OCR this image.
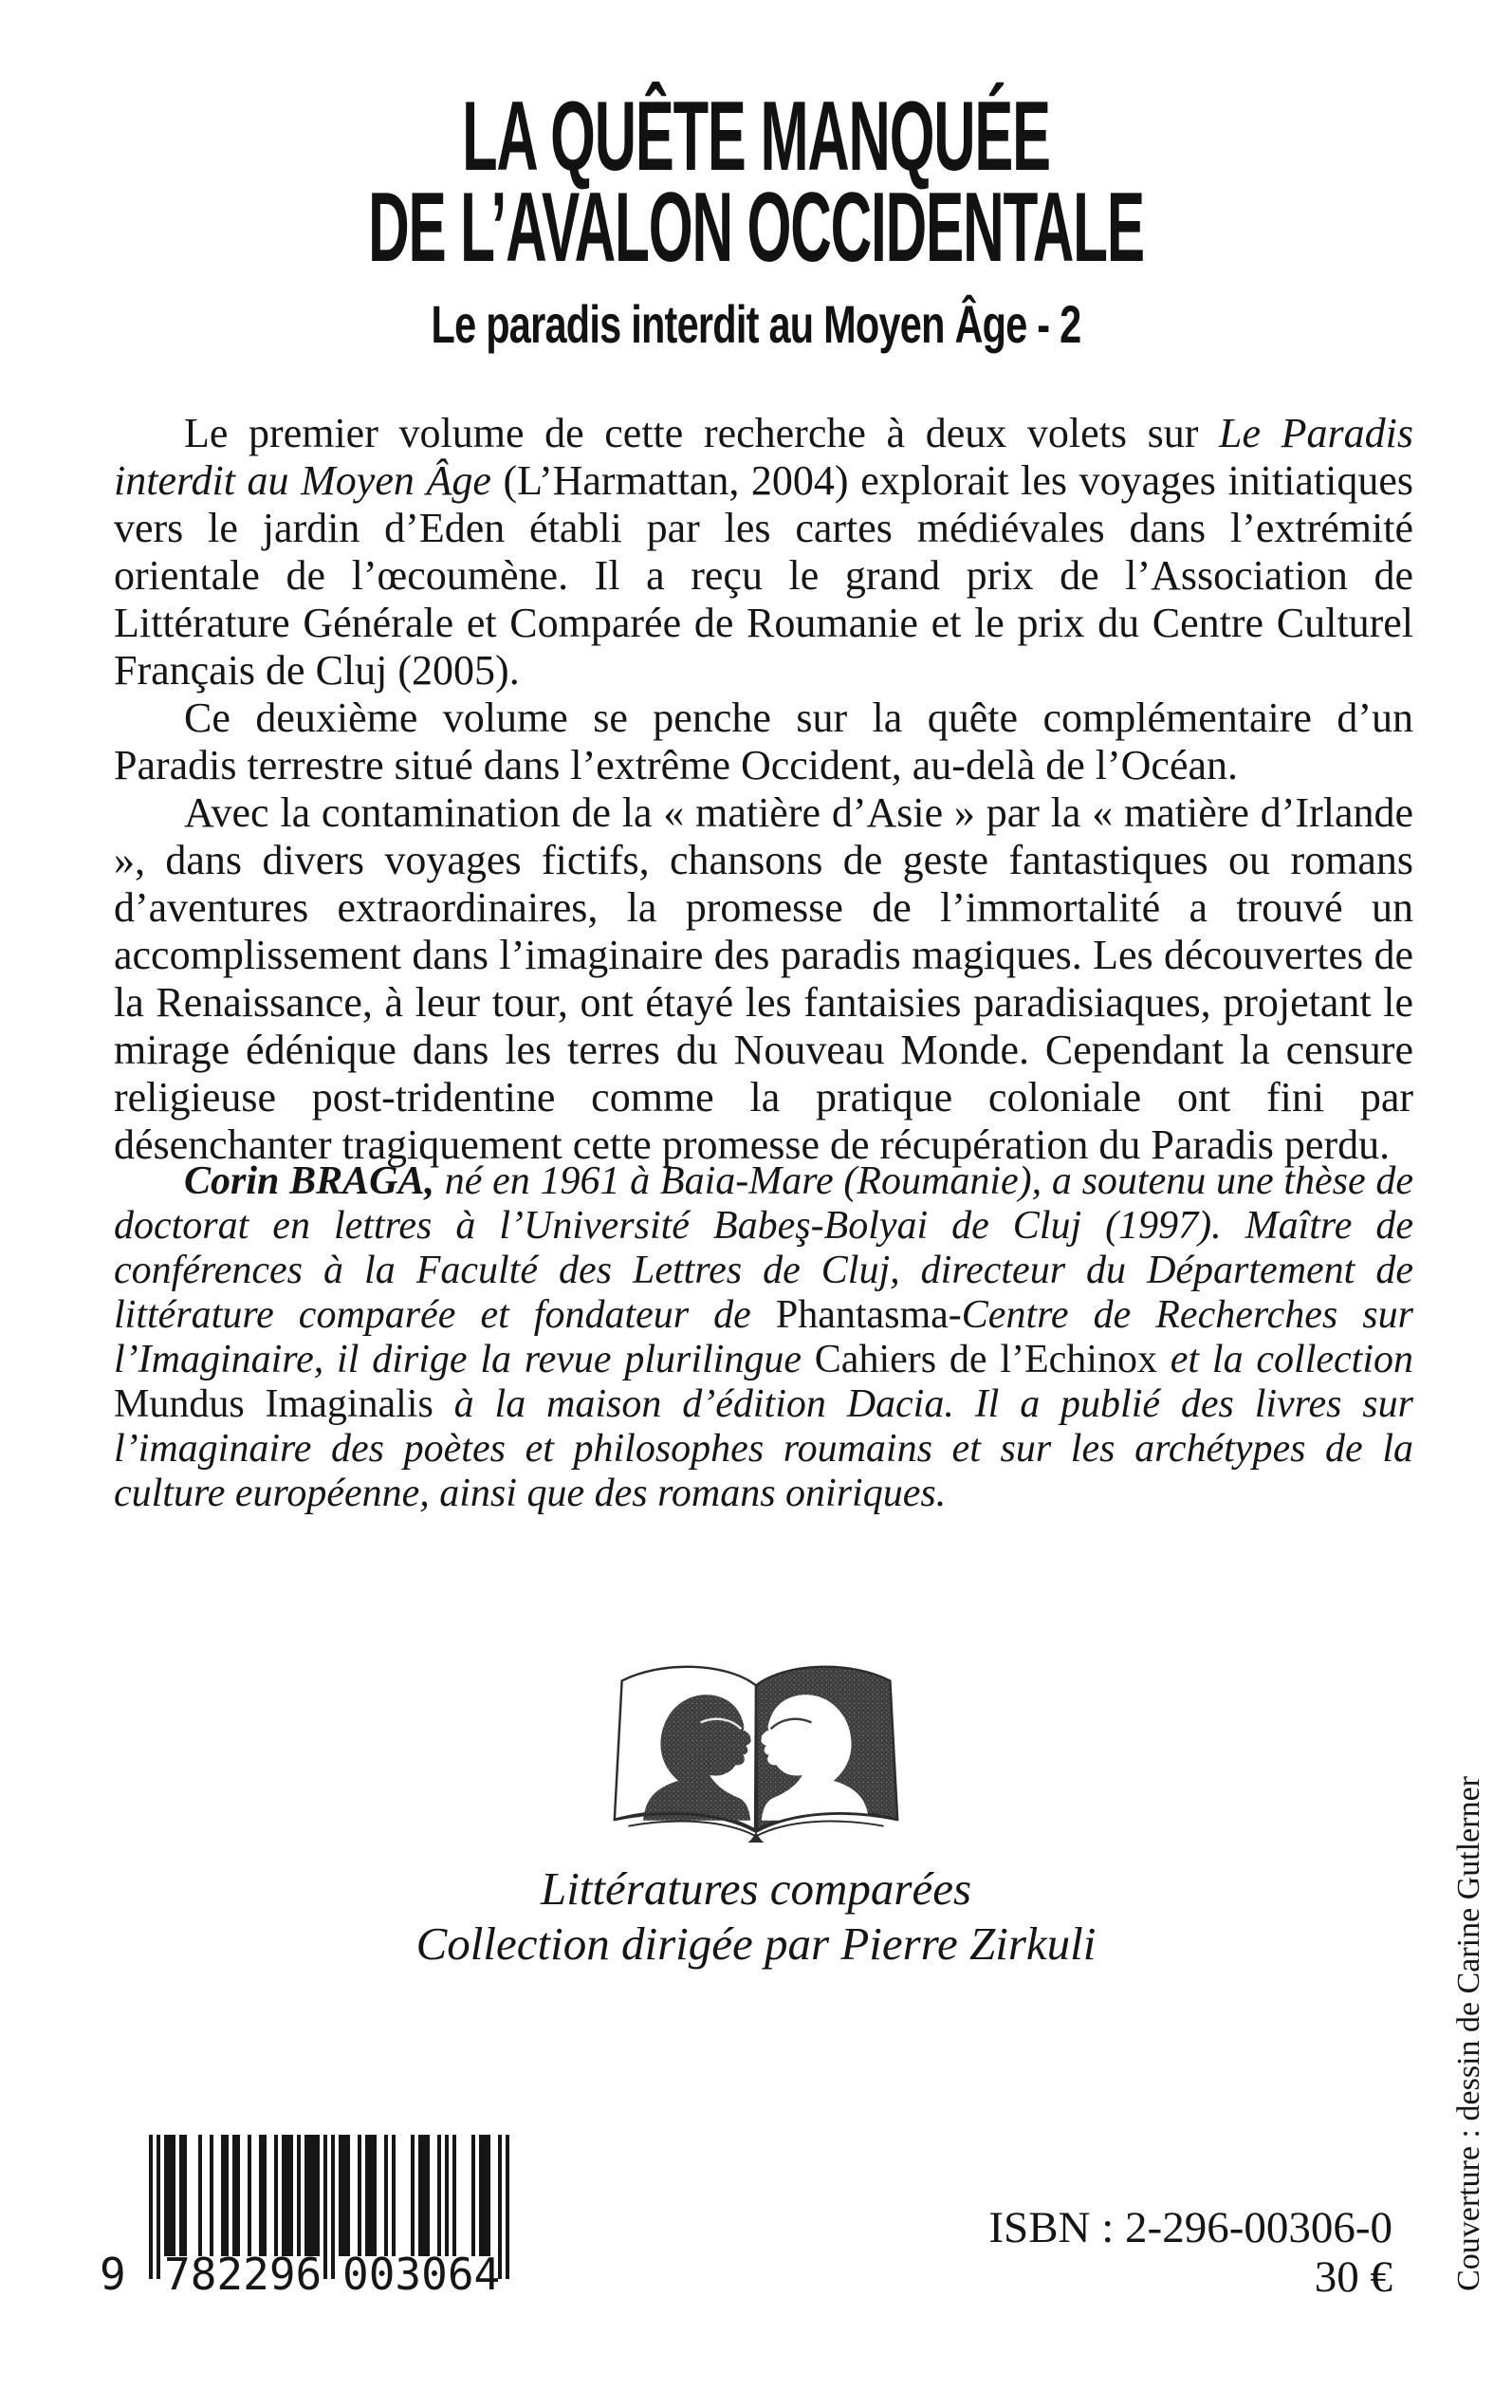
LA QUÊTE MANQUÉE
DE L’AVALON OCCIDENTALE
Le paradis interdit au Moyen Âge - 2

Le premier volume de cette recherche à deux volets sur Le Paradis interdit au Moyen Âge (L’Harmattan, 2004) explorait les voyages initiatiques vers le jardin d’Eden établi par les cartes médiévales dans l’extrémité orientale de l’œcoumène. Il a reçu le grand prix de l’Association de Littérature Générale et Comparée de Roumanie et le prix du Centre Culturel Français de Cluj (2005).

Ce deuxième volume se penche sur la quête complémentaire d’un Paradis terrestre situé dans l’extrême Occident, au-delà de l’Océan.

Avec la contamination de la « matière d’Asie » par la « matière d’Irlande », dans divers voyages fictifs, chansons de geste fantastiques ou romans d’aventures extraordinaires, la promesse de l’immortalité a trouvé un accomplissement dans l’imaginaire des paradis magiques. Les découvertes de la Renaissance, à leur tour, ont étayé les fantaisies paradisiaques, projetant le mirage édénique dans les terres du Nouveau Monde. Cependant la censure religieuse post-tridentine comme la pratique coloniale ont fini par désenchanter tragiquement cette promesse de récupération du Paradis perdu.

Corin BRAGA, né en 1961 à Baia-Mare (Roumanie), a soutenu une thèse de doctorat en lettres à l’Université Babeş-Bolyai de Cluj (1997). Maître de conférences à la Faculté des Lettres de Cluj, directeur du Département de littérature comparée et fondateur de Phantasma-Centre de Recherches sur l’Imaginaire, il dirige la revue plurilingue Cahiers de l’Echinox et la collection Mundus Imaginalis à la maison d’édition Dacia. Il a publié des livres sur l’imaginaire des poètes et philosophes roumains et sur les archétypes de la culture européenne, ainsi que des romans oniriques.
Littératures comparées
Collection dirigée par Pierre Zirkuli
9 7 8 2 2 9 6 0 0 3 0 6 4
ISBN : 2-296-00306-0
30 € Couverture : dessin de Carine Gutlerner
